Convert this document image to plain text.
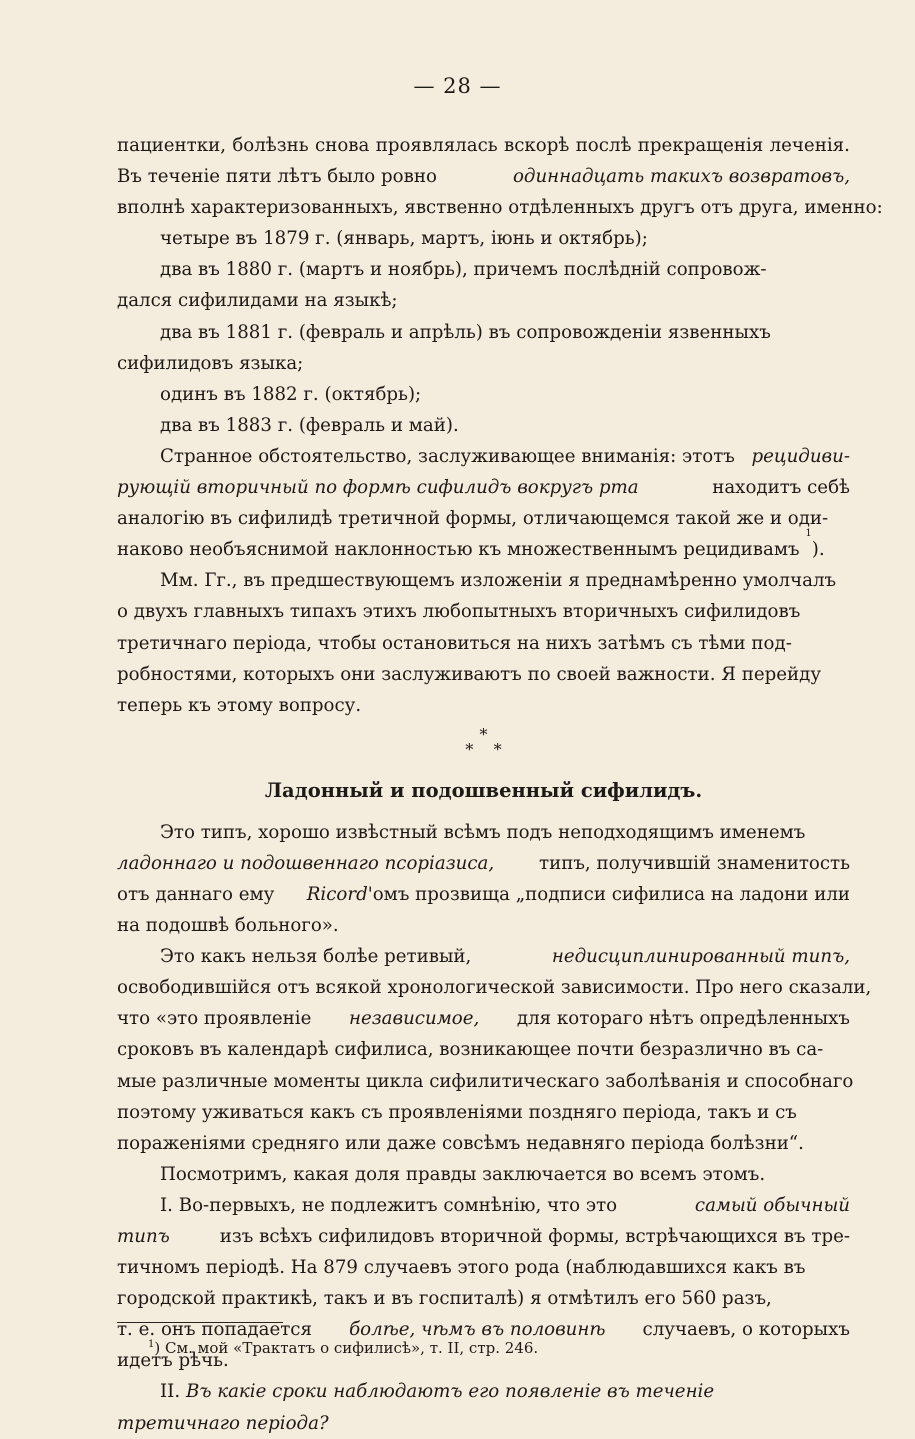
— 28 —
пациентки, болѣзнь снова проявлялась вскорѣ послѣ прекращенія леченія.
Въ теченіе пяти лѣтъ было ровно	одиннадцать такихъ возвратовъ,
вполнѣ характеризованныхъ, явственно отдѣленныхъ другъ отъ друга, именно:
четыре въ 1879 г. (январь, мартъ, іюнь и октябрь);
два въ 1880 г. (мартъ и ноябрь), причемъ послѣдній сопровож-
дался сифилидами на языкѣ;
два въ 1881 г. (февраль и апрѣль) въ сопровожденіи язвенныхъ
сифилидовъ языка;
одинъ въ 1882 г. (октябрь);
два въ 1883 г. (февраль и май).
Странное обстоятельство, заслуживающее вниманія: этотъ рецидиви-
рующій вторичный по формѣ сифилидъ вокругъ рта	находитъ себѣ
аналогію въ сифилидѣ третичной формы, отличающемся такой же и оди-
наково необъяснимой наклонностью къ множественнымъ рецидивамъ

1
).
Мм. Гг., въ предшествующемъ изложеніи я преднамѣренно умолчалъ
о двухъ главныхъ типахъ этихъ любопытныхъ вторичныхъ сифилидовъ
третичнаго періода, чтобы остановиться на нихъ затѣмъ съ тѣми под-
робностями, которыхъ они заслуживаютъ по своей важности. Я перейду
теперь къ этому вопросу.
*
* *
Ладонный и подошвенный сифилидъ.
Это типъ, хорошо извѣстный всѣмъ подъ неподходящимъ именемъ
ладоннаго и подошвеннаго псоріазиса, типъ, получившій знаменитость
отъ даннаго ему Ricord'омъ прозвища „подписи сифилиса на ладони или
на подошвѣ больного».
Это какъ нельзя болѣе ретивый,	недисциплинированный типъ,
освободившійся отъ всякой хронологической зависимости. Про него сказали,
что «это проявленіе независимое, для котораго нѣтъ опредѣленныхъ
сроковъ въ календарѣ сифилиса, возникающее почти безразлично въ са-
мые различные моменты цикла сифилитическаго заболѣванія и способнаго
поэтому уживаться какъ съ проявленіями поздняго періода, такъ и съ
пораженіями средняго или даже совсѣмъ недавняго періода болѣзни“.
Посмотримъ, какая доля правды заключается во всемъ этомъ.
I. Во-первыхъ, не подлежитъ сомнѣнію, что это	самый обычный
типъ	изъ всѣхъ сифилидовъ вторичной формы, встрѣчающихся въ тре-
тичномъ періодѣ. На 879 случаевъ этого рода (наблюдавшихся какъ въ
городской практикѣ, такъ и въ госпиталѣ) я отмѣтилъ его 560 разъ,
т. е. онъ попадается болѣе, чѣмъ въ половинѣ случаевъ, о которыхъ
идетъ рѣчь.
II.
Въ какіе сроки наблюдаютъ его появленіе въ теченіе
третичнаго періода?
$^1$) См. мой «Трактатъ о сифилисѣ», т. II, стр. 246.
